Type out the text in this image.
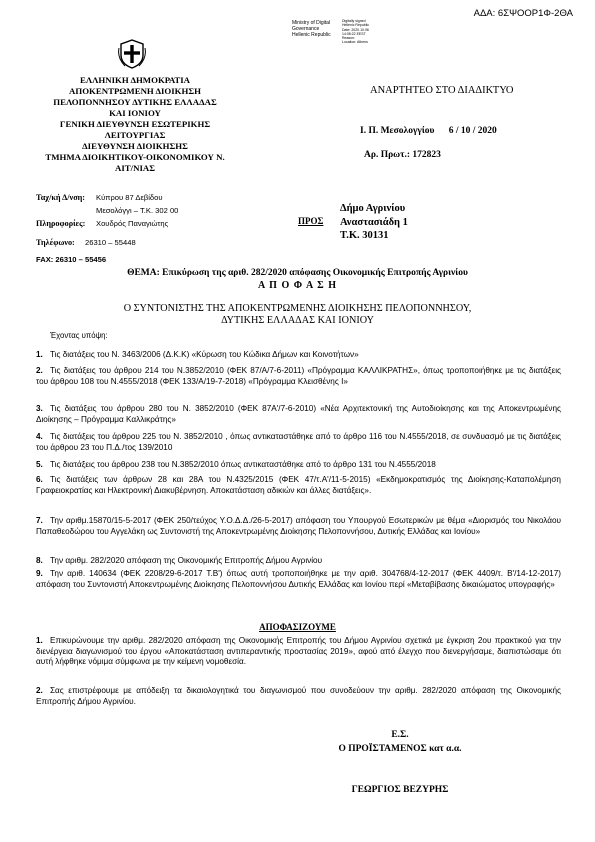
ΑΔΑ: 6ΣΨΟΟΡ1Φ-2ΘΑ
Ministry of Digital
Governance
Hellenic Republic
Digitally signed
Hellenic Republic
Date: 2020.10.06
14:08:22 EEST
Reason:
Location: Athens
ΕΛΛΗΝΙΚΗ ΔΗΜΟΚΡΑΤΙΑ
ΑΠΟΚΕΝΤΡΩΜΕΝΗ ΔΙΟΙΚΗΣΗ
ΠΕΛΟΠΟΝΝΗΣΟΥ ΔΥΤΙΚΗΣ ΕΛΛΑΔΑΣ
ΚΑΙ ΙΟΝΙΟΥ
ΓΕΝΙΚΗ ΔΙΕΥΘΥΝΣΗ ΕΣΩΤΕΡΙΚΗΣ
ΛΕΙΤΟΥΡΓΙΑΣ
ΔΙΕΥΘΥΝΣΗ ΔΙΟΙΚΗΣΗΣ
ΤΜΗΜΑ ΔΙΟΙΚΗΤΙΚΟΥ-ΟΙΚΟΝΟΜΙΚΟΥ Ν.
ΑΙΤ/ΝΙΑΣ
ΑΝΑΡΤΗΤΕΟ ΣΤΟ ΔΙΑΔΙΚΤΥΟ
Ι. Π. Μεσολογγίου      6 / 10 / 2020
Αρ. Πρωτ.: 172823
Ταχ/κή Δ/νση: Κύπρου 87 Δεβίδου
Μεσολόγγι – Τ.Κ. 302 00
Πληροφορίες: Χουδρός Παναγιώτης
Τηλέφωνο: 26310 – 55448
FAX: 26310 – 55456
ΠΡΟΣ
Δήμο Αγρινίου
Αναστασιάδη 1
Τ.Κ. 30131
ΘΕΜΑ: Επικύρωση της αριθ. 282/2020 απόφασης Οικονομικής Επιτροπής Αγρινίου
Α Π Ο Φ Α Σ Η
Ο ΣΥΝΤΟΝΙΣΤΗΣ ΤΗΣ ΑΠΟΚΕΝΤΡΩΜΕΝΗΣ ΔΙΟΙΚΗΣΗΣ ΠΕΛΟΠΟΝΝΗΣΟΥ, ΔΥΤΙΚΗΣ ΕΛΛΑΔΑΣ ΚΑΙ ΙΟΝΙΟΥ
Έχοντας υπόψη:
1. Τις διατάξεις του Ν. 3463/2006 (Δ.Κ.Κ) «Κύρωση του Κώδικα Δήμων και Κοινοτήτων»
2. Τις διατάξεις του άρθρου 214 του Ν.3852/2010 (ΦΕΚ 87/Α/7-6-2011) «Πρόγραμμα ΚΑΛΛΙΚΡΑΤΗΣ», όπως τροποποιήθηκε με τις διατάξεις του άρθρου 108 του Ν.4555/2018 (ΦΕΚ 133/Α/19-7-2018) «Πρόγραμμα Κλεισθένης Ι»
3. Τις διατάξεις του άρθρου 280 του Ν. 3852/2010 (ΦΕΚ 87Α'/7-6-2010) «Νέα Αρχιτεκτονική της Αυτοδιοίκησης και της Αποκεντρωμένης Διοίκησης – Πρόγραμμα Καλλικράτης»
4. Τις διατάξεις του άρθρου 225 του Ν. 3852/2010 , όπως αντικαταστάθηκε από το άρθρο 116 του Ν.4555/2018, σε συνδυασμό με τις διατάξεις του άρθρου 23 του Π.Δ./τος 139/2010
5. Τις διατάξεις του άρθρου 238 του Ν.3852/2010 όπως αντικαταστάθηκε από το άρθρο 131 του Ν.4555/2018
6. Τις διατάξεις των άρθρων 28 και 28Α του Ν.4325/2015 (ΦΕΚ 47/τ.Α'/11-5-2015) «Εκδημοκρατισμός της Διοίκησης-Καταπολέμηση Γραφειοκρατίας και Ηλεκτρονική Διακυβέρνηση. Αποκατάσταση αδικιών και άλλες διατάξεις».
7. Την αριθμ.15870/15-5-2017 (ΦΕΚ 250/τεύχος Υ.Ο.Δ.Δ./26-5-2017) απόφαση του Υπουργού Εσωτερικών με θέμα «Διορισμός του Νικολάου Παπαθεοδώρου του Αγγελάκη ως Συντονιστή της Αποκεντρωμένης Διοίκησης Πελοποννήσου, Δυτικής Ελλάδας και Ιονίου»
8. Την αριθμ. 282/2020 απόφαση της Οικονομικής Επιτροπής Δήμου Αγρινίου
9. Την αριθ. 140634 (ΦΕΚ 2208/29-6-2017 Τ.Β') όπως αυτή τροποποιήθηκε με την αριθ. 304768/4-12-2017 (ΦΕΚ 4409/τ. Β'/14-12-2017) απόφαση του Συντονιστή Αποκεντρωμένης Διοίκησης Πελοποννήσου Δυτικής Ελλάδας και Ιονίου περί «Μεταβίβασης δικαιώματος υπογραφής»
ΑΠΟΦΑΣΙΖΟΥΜΕ
1. Επικυρώνουμε την αριθμ. 282/2020 απόφαση της Οικονομικής Επιτροπής του Δήμου Αγρινίου σχετικά με έγκριση 2ου πρακτικού για την διενέργεια διαγωνισμού του έργου «Αποκατάσταση αντιπεραντικής προστασίας 2019», αφού από έλεγχο που διενεργήσαμε, διαπιστώσαμε ότι αυτή λήφθηκε νόμιμα σύμφωνα με την κείμενη νομοθεσία.
2. Σας επιστρέφουμε με απόδειξη τα δικαιολογητικά του διαγωνισμού που συνοδεύουν την αριθμ. 282/2020 απόφαση της Οικονομικής Επιτροπής Δήμου Αγρινίου.
Ε.Σ.
Ο ΠΡΟΪΣΤΑΜΕΝΟΣ κατ α.α.
ΓΕΩΡΓΙΟΣ ΒΕΖΥΡΗΣ
